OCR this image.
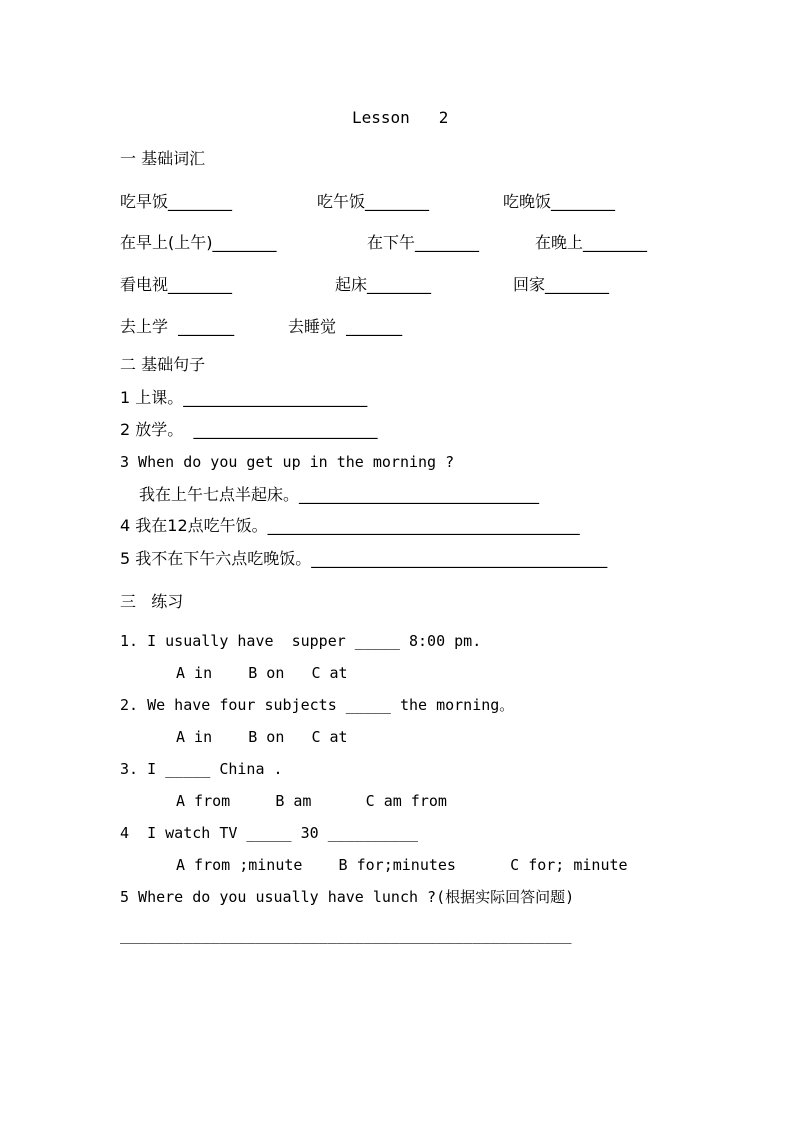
Lesson   2
一 基础词汇
吃早饭________	吃午饭________	吃晚饭________
在早上(上午)________	在下午________	在晚上________
看电视________	起床________	回家________
去上学  _______	去睡觉  _______
二 基础句子
1 上课。_______________________
2 放学。  _______________________
3 When do you get up in the morning ?
我在上午七点半起床。______________________________
4 我在12点吃午饭。_______________________________________
5 我不在下午六点吃晚饭。_____________________________________
三   练习
1. I usually have  supper _____ 8:00 pm.
A in    B on   C at
2. We have four subjects _____ the morning。
A in    B on   C at
3. I _____ China .
A from     B am      C am from
4  I watch TV _____ 30 __________
A from ;minute    B for;minutes      C for; minute
5 Where do you usually have lunch ?(根据实际回答问题)
__________________________________________________
